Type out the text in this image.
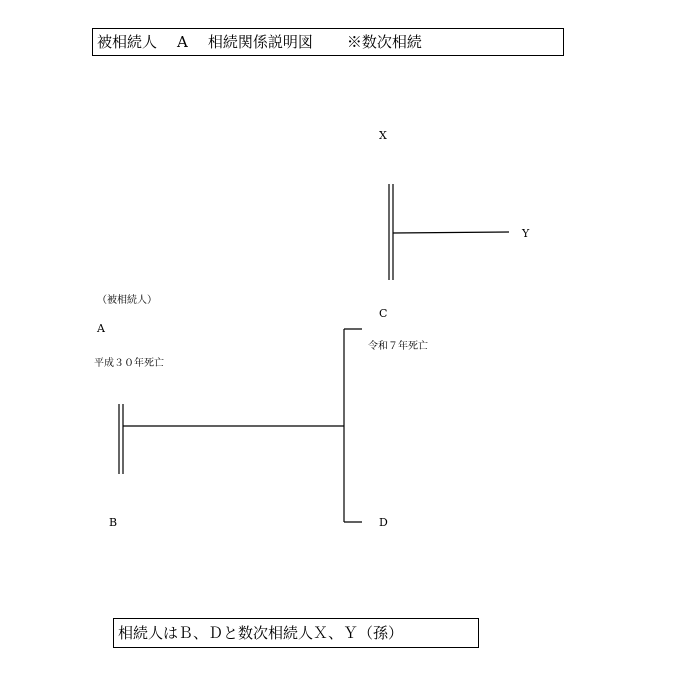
被相続人 A 相続関係説明図 ※数次相続
X
Y
C
令和７年死亡
（被相続人）
A
平成３０年死亡
B	D
相続人はＢ、Ｄと数次相続人Ｘ、Ｙ（孫）
